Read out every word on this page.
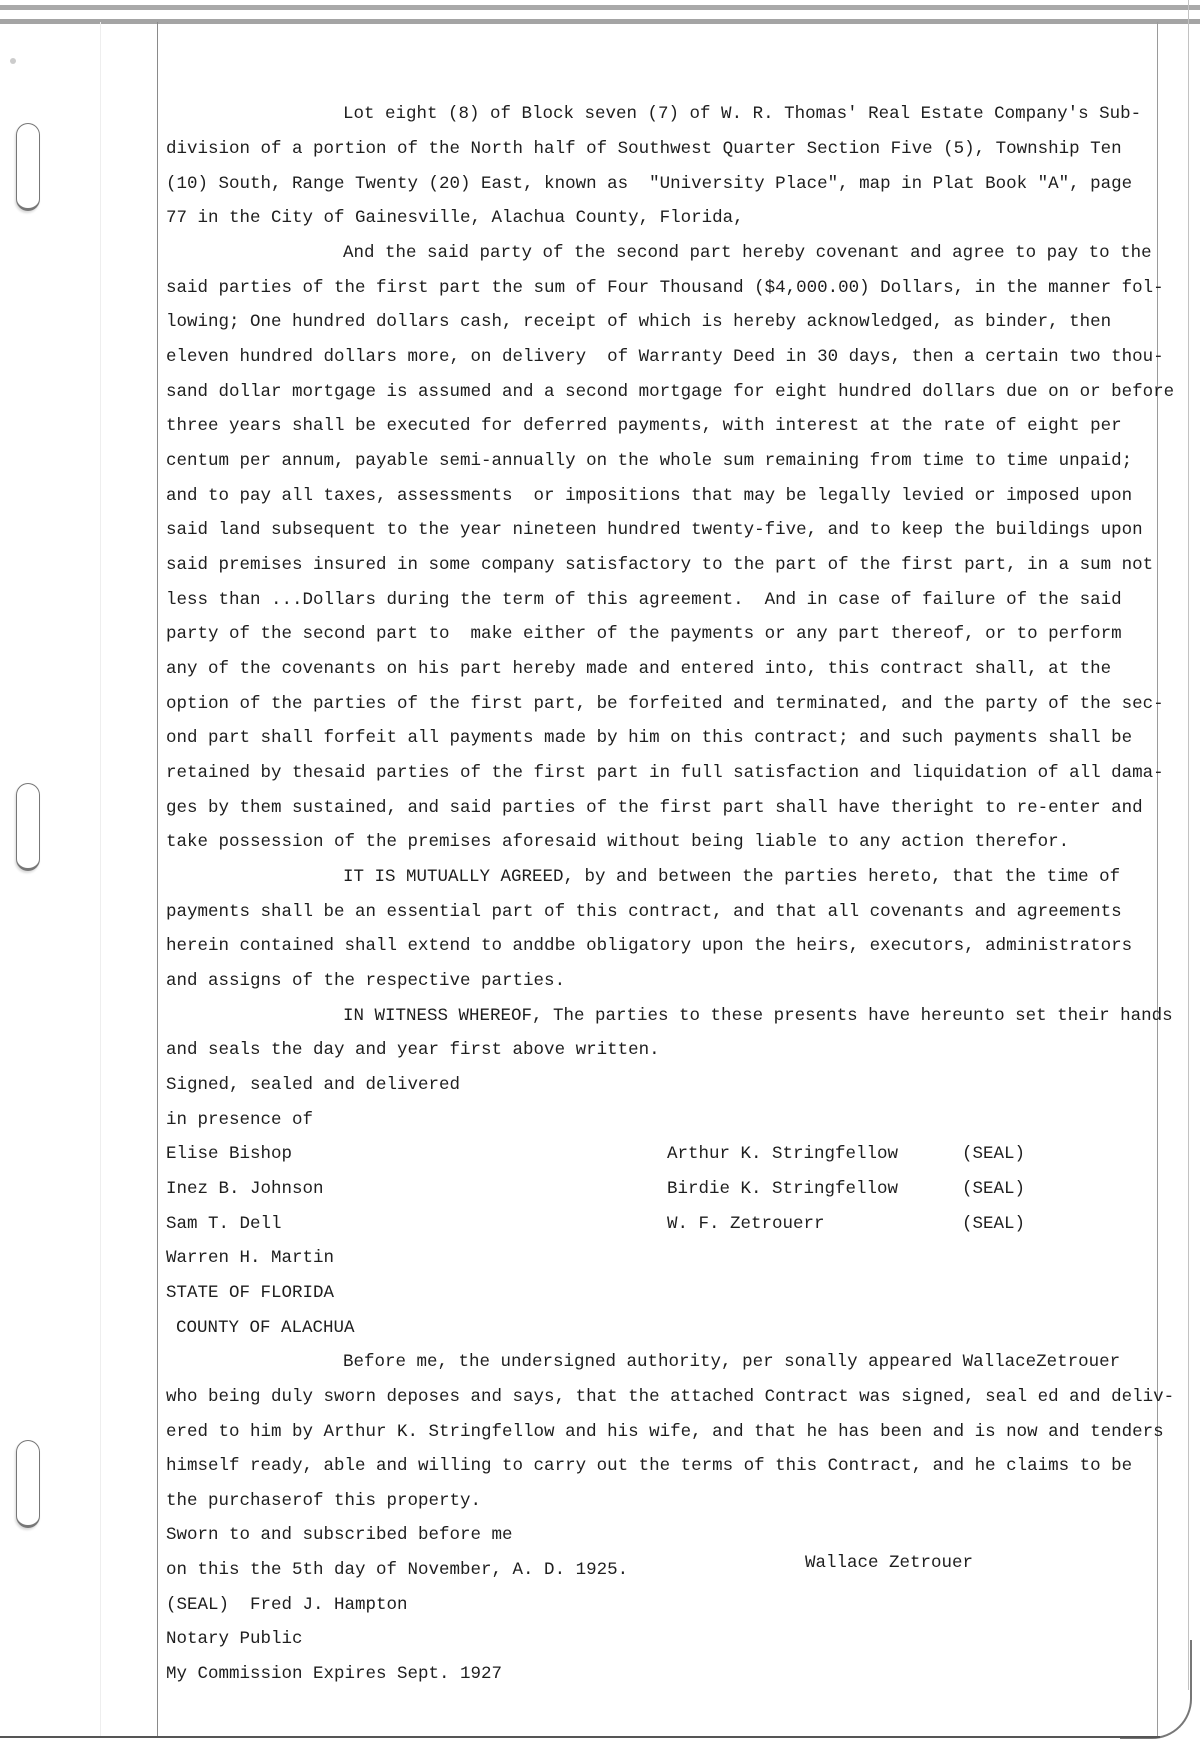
Lot eight (8) of Block seven (7) of W. R. Thomas' Real Estate Company's Sub-
division of a portion of the North half of Southwest Quarter Section Five (5), Township Ten
(10) South, Range Twenty (20) East, known as  "University Place", map in Plat Book "A", page
77 in the City of Gainesville, Alachua County, Florida,
And the said party of the second part hereby covenant and agree to pay to the
said parties of the first part the sum of Four Thousand ($4,000.00) Dollars, in the manner fol-
lowing; One hundred dollars cash, receipt of which is hereby acknowledged, as binder, then
eleven hundred dollars more, on delivery  of Warranty Deed in 30 days, then a certain two thou-
sand dollar mortgage is assumed and a second mortgage for eight hundred dollars due on or before
three years shall be executed for deferred payments, with interest at the rate of eight per
centum per annum, payable semi-annually on the whole sum remaining from time to time unpaid;
and to pay all taxes, assessments  or impositions that may be legally levied or imposed upon
said land subsequent to the year nineteen hundred twenty-five, and to keep the buildings upon
said premises insured in some company satisfactory to the part of the first part, in a sum not
less than ...Dollars during the term of this agreement.  And in case of failure of the said
party of the second part to  make either of the payments or any part thereof, or to perform
any of the covenants on his part hereby made and entered into, this contract shall, at the
option of the parties of the first part, be forfeited and terminated, and the party of the sec-
ond part shall forfeit all payments made by him on this contract; and such payments shall be
retained by thesaid parties of the first part in full satisfaction and liquidation of all dama-
ges by them sustained, and said parties of the first part shall have theright to re-enter and
take possession of the premises aforesaid without being liable to any action therefor.
IT IS MUTUALLY AGREED, by and between the parties hereto, that the time of
payments shall be an essential part of this contract, and that all covenants and agreements
herein contained shall extend to anddbe obligatory upon the heirs, executors, administrators
and assigns of the respective parties.
IN WITNESS WHEREOF, The parties to these presents have hereunto set their hands
and seals the day and year first above written.
Signed, sealed and delivered
in presence of
Elise Bishop
Inez B. Johnson
Sam T. Dell
Warren H. Martin
Arthur K. Stringfellow	(SEAL)
Birdie K. Stringfellow	(SEAL)
W. F. Zetrouerr	(SEAL)
STATE OF FLORIDA
COUNTY OF ALACHUA
Before me, the undersigned authority, per sonally appeared WallaceZetrouer
who being duly sworn deposes and says, that the attached Contract was signed, seal ed and deliv-
ered to him by Arthur K. Stringfellow and his wife, and that he has been and is now and tenders
himself ready, able and willing to carry out the terms of this Contract, and he claims to be
the purchaserof this property.
Sworn to and subscribed before me
on this the 5th day of November, A. D. 1925.	Wallace Zetrouer
(SEAL)  Fred J. Hampton
Notary Public
My Commission Expires Sept. 1927
